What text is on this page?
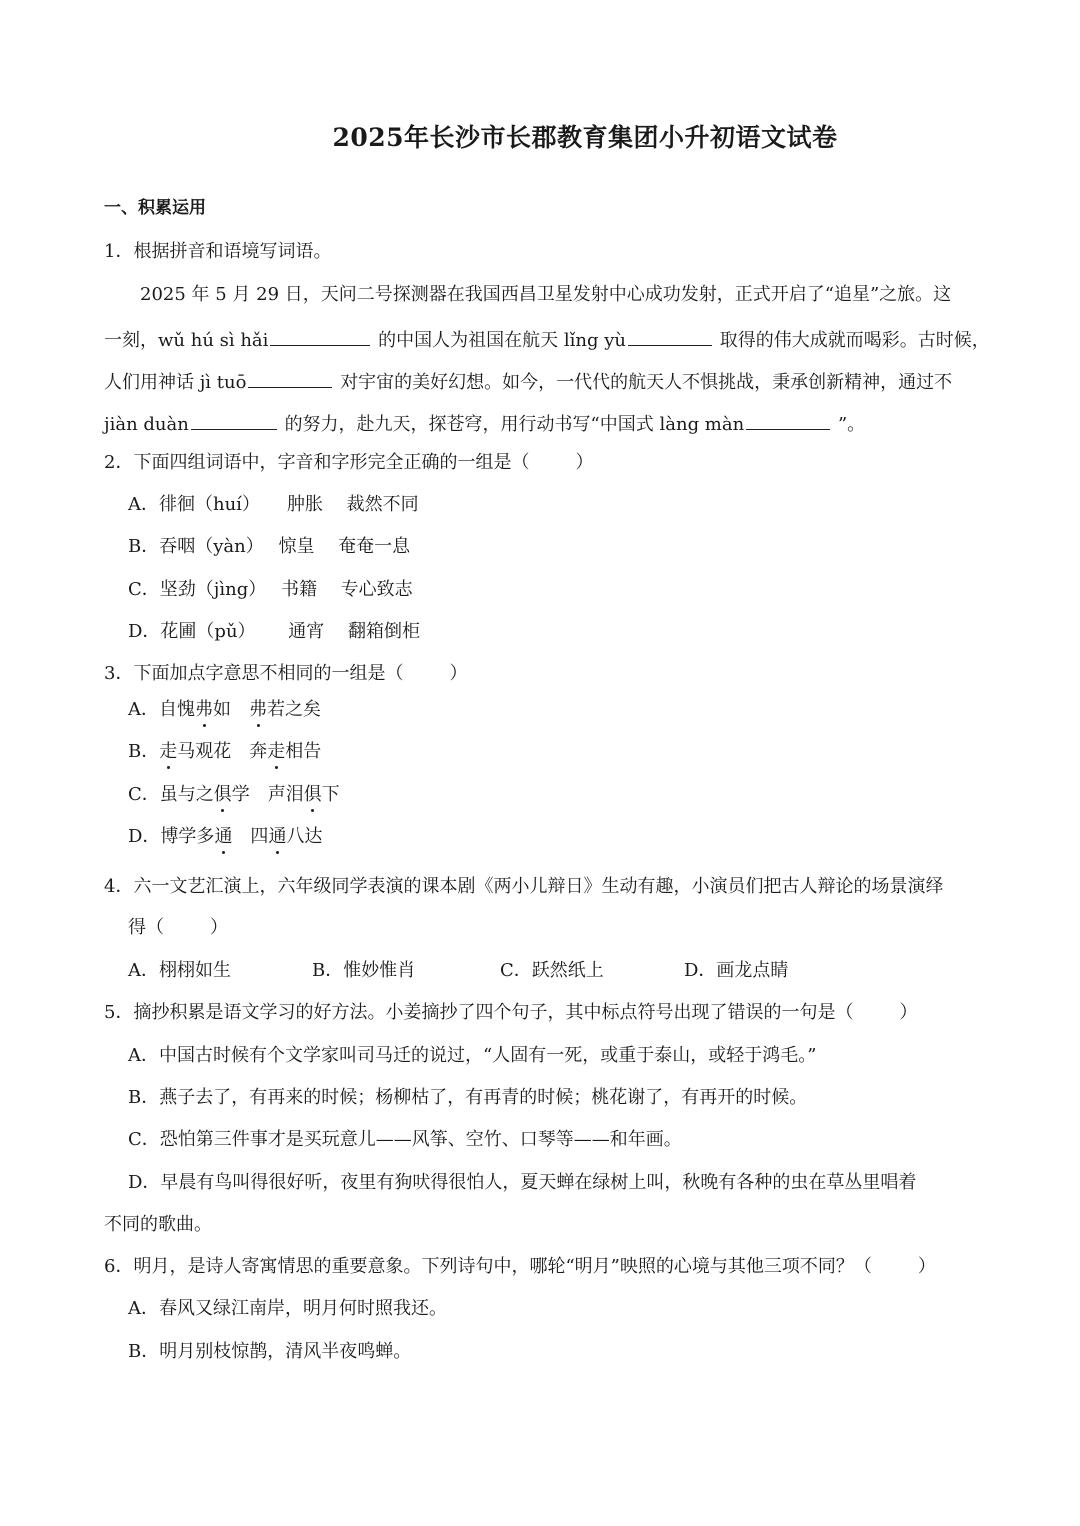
2025年长沙市长郡教育集团小升初语文试卷
一、积累运用
1．根据拼音和语境写词语。
2025 年 5 月 29 日，天问二号探测器在我国西昌卫星发射中心成功发射，正式开启了“追星”之旅。这
一刻，wǔ hú sì hǎi	的中国人为祖国在航天 lǐng yù	取得的伟大成就而喝彩。古时候，
人们用神话 jì tuō	对宇宙的美好幻想。如今，一代代的航天人不惧挑战，秉承创新精神，通过不
jiàn duàn	的努力，赴九天，探苍穹，用行动书写“中国式 làng màn	”。
2．下面四组词语中，字音和字形完全正确的一组是（	）
A．徘徊（huí）　　肿胀　 裁然不同
B．吞咽（yàn）　 惊皇　 奄奄一息
C．坚劲（jìng）　 书籍　 专心致志
D．花圃（pǔ）　　 通宵　 翻箱倒柜
3．下面加点字意思不相同的一组是（	）
A．自愧弗如　弗若之矣
B．走马观花　奔走相告
C．虽与之俱学　声泪俱下
D．博学多通　四通八达
4．六一文艺汇演上，六年级同学表演的课本剧《两小儿辩日》生动有趣，小演员们把古人辩论的场景演绎
得（	）
A．栩栩如生	B．惟妙惟肖	C．跃然纸上	D．画龙点睛
5．摘抄积累是语文学习的好方法。小姜摘抄了四个句子，其中标点符号出现了错误的一句是（	）
A．中国古时候有个文学家叫司马迁的说过，“人固有一死，或重于泰山，或轻于鸿毛。”
B．燕子去了，有再来的时候；杨柳枯了，有再青的时候；桃花谢了，有再开的时候。
C．恐怕第三件事才是买玩意儿——风筝、空竹、口琴等——和年画。
D．早晨有鸟叫得很好听，夜里有狗吠得很怕人，夏天蝉在绿树上叫，秋晚有各种的虫在草丛里唱着
不同的歌曲。
6．明月，是诗人寄寓情思的重要意象。下列诗句中，哪轮“明月”映照的心境与其他三项不同？（	）
A．春风又绿江南岸，明月何时照我还。
B．明月别枝惊鹊，清风半夜鸣蝉。
